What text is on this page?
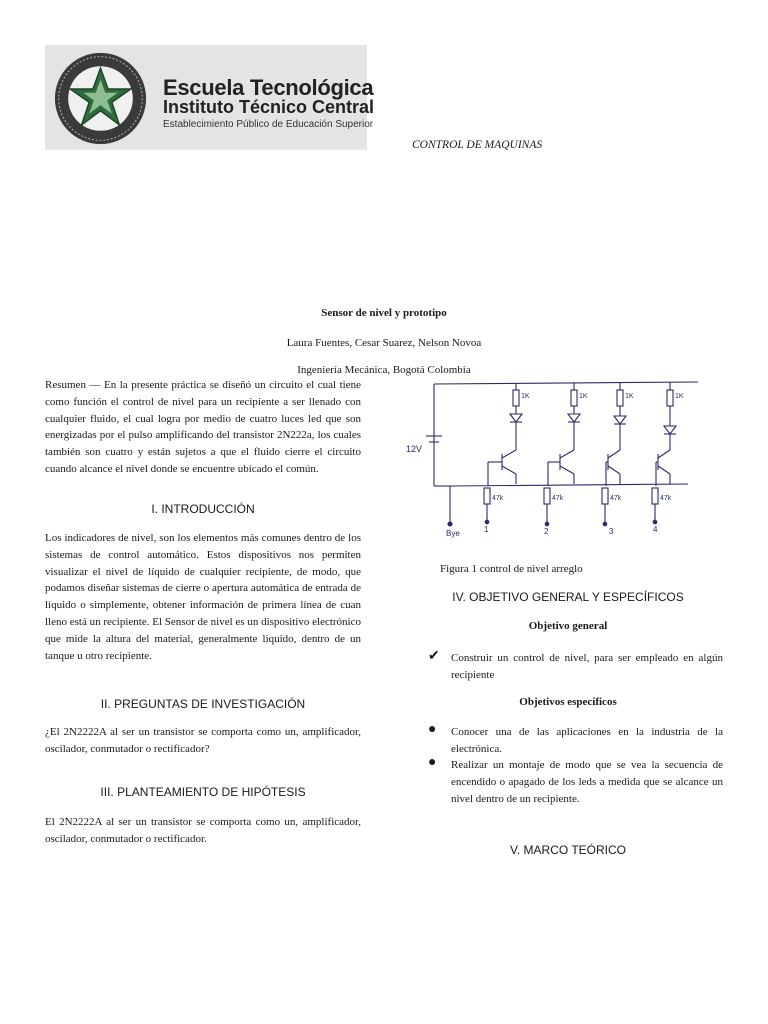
Escuela Tecnológica
Instituto Técnico Central
Establecimiento Público de Educación Superior
CONTROL DE MAQUINAS
Sensor de nivel y prototipo
Laura Fuentes, Cesar Suarez, Nelson Novoa
Ingeniería Mecánica, Bogotá Colombia
Resumen — En la presente práctica se diseñó un circuito el cual tiene como función el control de nivel para un recipiente a ser llenado con cualquier fluido, el cual logra por medio de cuatro luces led que son energizadas por el pulso amplificando del transistor 2N222a, los cuales también son cuatro y están sujetos a que el fluido cierre el circuito cuando alcance el nivel donde se encuentre ubicado el común.
I. INTRODUCCIÓN
Los indicadores de nivel, son los elementos más comunes dentro de los sistemas de control automático. Estos dispositivos nos permiten visualizar el nivel de líquido de cualquier recipiente, de modo, que podamos diseñar sistemas de cierre o apertura automática de entrada de líquido o simplemente, obtener información de primera línea de cuan lleno está un recipiente. El Sensor de nivel es un dispositivo electrónico que mide la altura del material, generalmente liquido, dentro de un tanque u otro recipiente.
II. PREGUNTAS DE INVESTIGACIÓN
¿El 2N2222A al ser un transistor se comporta como un, amplificador, oscilador, conmutador o rectificador?
III. PLANTEAMIENTO DE HIPÓTESIS
El 2N2222A al ser un transistor se comporta como un, amplificador, oscilador, conmutador o rectificador.
12V
Bye
1K
47k
1
1K
47k
2
1K
47k
3
1K
47k
4
Figura 1 control de nivel arreglo
IV. OBJETIVO GENERAL Y ESPECÍFICOS
Objetivo general
✔ Construir un control de nivel, para ser empleado en algún recipiente
Objetivos específicos
● Conocer una de las aplicaciones en la industria de la electrónica.
● Realizar un montaje de modo que se vea la secuencia de encendido o apagado de los leds a medida que se alcance un nivel dentro de un recipiente.
V. MARCO TEÓRICO
